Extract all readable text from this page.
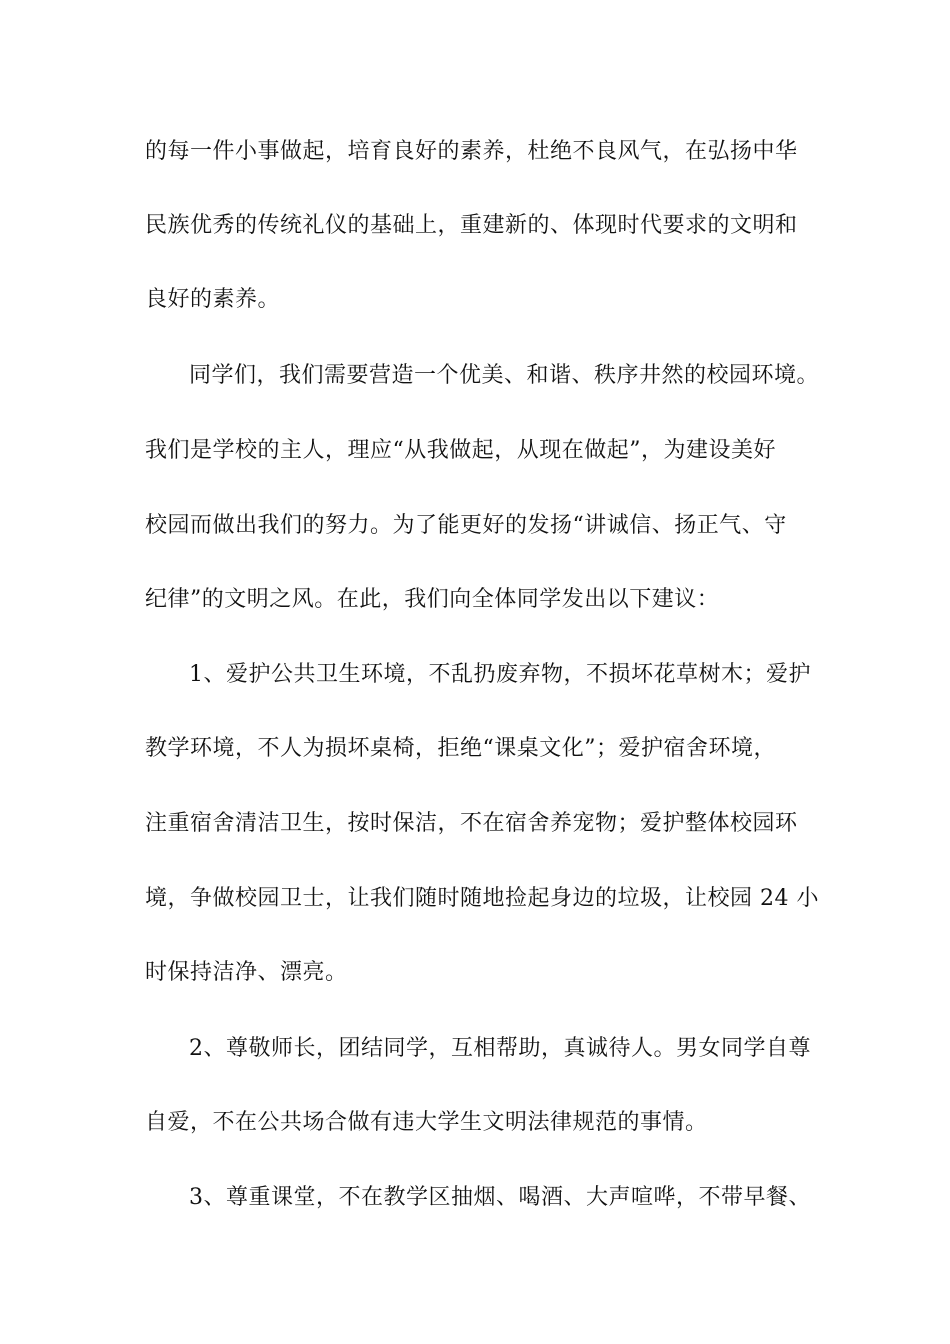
的每一件小事做起，培育良好的素养，杜绝不良风气，在弘扬中华
民族优秀的传统礼仪的基础上，重建新的、体现时代要求的文明和
良好的素养。
同学们，我们需要营造一个优美、和谐、秩序井然的校园环境。
我们是学校的主人，理应“从我做起，从现在做起”，为建设美好
校园而做出我们的努力。为了能更好的发扬“讲诚信、扬正气、守
纪律”的文明之风。在此，我们向全体同学发出以下建议：
1、爱护公共卫生环境，不乱扔废弃物，不损坏花草树木；爱护
教学环境，不人为损坏桌椅，拒绝“课桌文化”；爱护宿舍环境，
注重宿舍清洁卫生，按时保洁，不在宿舍养宠物；爱护整体校园环
境，争做校园卫士，让我们随时随地捡起身边的垃圾，让校园 24 小
时保持洁净、漂亮。
2、尊敬师长，团结同学，互相帮助，真诚待人。男女同学自尊
自爱，不在公共场合做有违大学生文明法律规范的事情。
3、尊重课堂，不在教学区抽烟、喝酒、大声喧哗，不带早餐、
